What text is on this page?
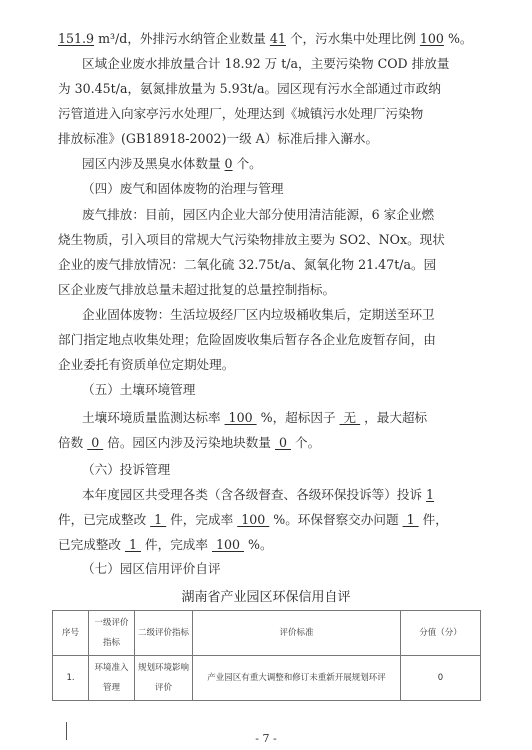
151.9 m³/d，外排污水纳管企业数量 41 个，污水集中处理比例 100 %。
区域企业废水排放量合计 18.92 万 t/a，主要污染物 COD 排放量
为 30.45t/a，氨氮排放量为 5.93t/a。园区现有污水全部通过市政纳
污管道进入向家亭污水处理厂，处理达到《城镇污水处理厂污染物
排放标准》(GB18918-2002)一级 A）标准后排入澥水。
园区内涉及黑臭水体数量 0 个。
（四）废气和固体废物的治理与管理
废气排放：目前，园区内企业大部分使用清洁能源，6 家企业燃
烧生物质，引入项目的常规大气污染物排放主要为 SO2、NOx。现状
企业的废气排放情况：二氧化硫 32.75t/a、氮氧化物 21.47t/a。园
区企业废气排放总量未超过批复的总量控制指标。
企业固体废物：生活垃圾经厂区内垃圾桶收集后，定期送至环卫
部门指定地点收集处理；危险固废收集后暂存各企业危废暂存间，由
企业委托有资质单位定期处理。
（五）土壤环境管理
土壤环境质量监测达标率  100  %，超标因子  无  ，最大超标
倍数  0  倍。园区内涉及污染地块数量  0  个。
（六）投诉管理
本年度园区共受理各类（含各级督查、各级环保投诉等）投诉 1
件，已完成整改  1  件，完成率  100  %。环保督察交办问题  1  件，
已完成整改  1  件，完成率  100  %。
（七）园区信用评价自评
湖南省产业园区环保信用自评
序号	一级评价指标	二级评价指标	评价标准	分值（分）
1.	环境准入管理	规划环境影响评价	产业园区有重大调整和修订未重新开展规划环评	0
- 7 -
